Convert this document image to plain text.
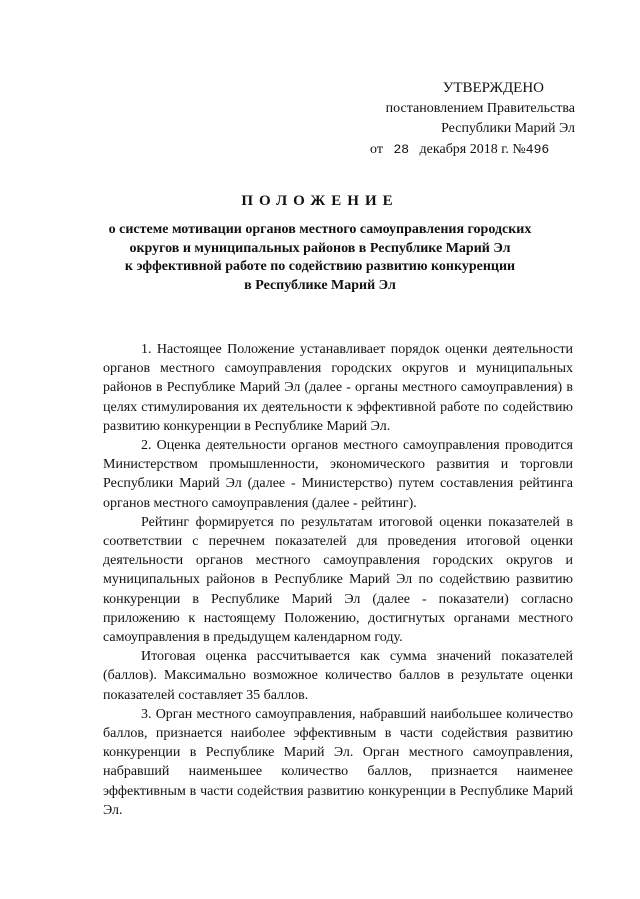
УТВЕРЖДЕНО
постановлением Правительства
Республики Марий Эл
от 28 декабря 2018 г. №496
ПОЛОЖЕНИЕ
о системе мотивации органов местного самоуправления городских
округов и муниципальных районов в Республике Марий Эл
к эффективной работе по содействию развитию конкуренции
в Республике Марий Эл

1. Настоящее Положение устанавливает порядок оценки деятельности органов местного самоуправления городских округов и муниципальных районов в Республике Марий Эл (далее - органы местного самоуправления) в целях стимулирования их деятельности к эффективной работе по содействию развитию конкуренции в Республике Марий Эл.

2. Оценка деятельности органов местного самоуправления проводится Министерством промышленности, экономического развития и торговли Республики Марий Эл (далее - Министерство) путем составления рейтинга органов местного самоуправления (далее - рейтинг).

Рейтинг формируется по результатам итоговой оценки показателей в соответствии с перечнем показателей для проведения итоговой оценки деятельности органов местного самоуправления городских округов и муниципальных районов в Республике Марий Эл по содействию развитию конкуренции в Республике Марий Эл (далее - показатели) согласно приложению к настоящему Положению, достигнутых органами местного самоуправления в предыдущем календарном году.

Итоговая оценка рассчитывается как сумма значений показателей (баллов). Максимально возможное количество баллов в результате оценки показателей составляет 35 баллов.

3. Орган местного самоуправления, набравший наибольшее количество баллов, признается наиболее эффективным в части содействия развитию конкуренции в Республике Марий Эл. Орган местного самоуправления, набравший наименьшее количество баллов, признается наименее эффективным в части содействия развитию конкуренции в Республике Марий Эл.
